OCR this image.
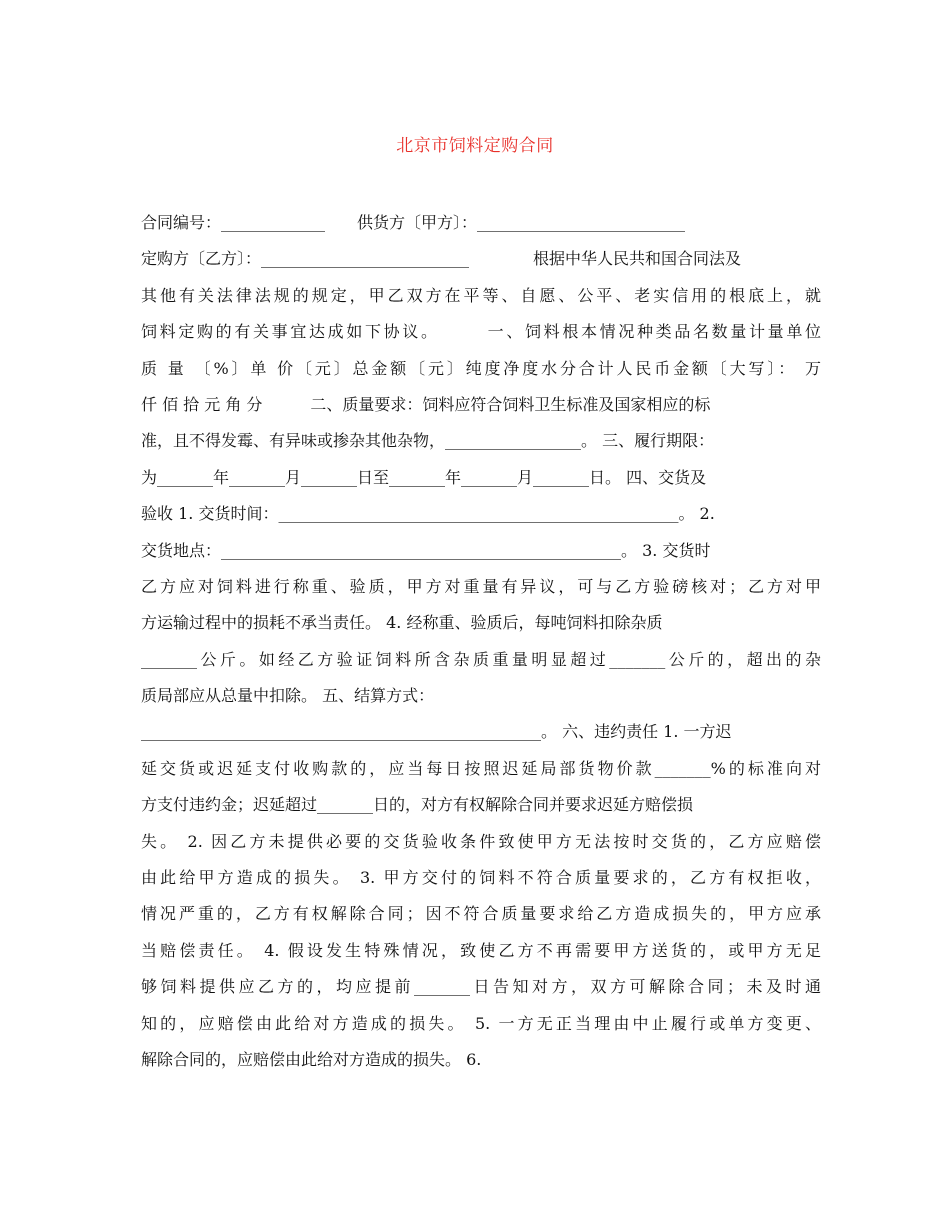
北京市饲料定购合同
合同编号：_____________　　供货方〔甲方〕：__________________________
定购方〔乙方〕：__________________________　　　　根据中华人民共和国合同法及
其他有关法律法规的规定，甲乙双方在平等、自愿、公平、老实信用的根底上，就
饲料定购的有关事宜达成如下协议。　　　一、饲料根本情况种类品名数量计量单位
质 量 〔%〕单 价〔元〕总金额〔元〕纯度净度水分合计人民币金额〔大写〕： 万
仟 佰 拾 元 角 分　　　二、质量要求：饲料应符合饲料卫生标准及国家相应的标
准，且不得发霉、有异味或掺杂其他杂物，_________________。 三、履行期限：
为_______年_______月_______日至_______年_______月_______日。 四、交货及
验收 1. 交货时间：__________________________________________________。 2.
交货地点：__________________________________________________。 3. 交货时
乙方应对饲料进行称重、验质，甲方对重量有异议，可与乙方验磅核对；乙方对甲
方运输过程中的损耗不承当责任。 4. 经称重、验质后，每吨饲料扣除杂质
_______公斤。如经乙方验证饲料所含杂质重量明显超过_______公斤的，超出的杂
质局部应从总量中扣除。 五、结算方式：
__________________________________________________。 六、违约责任 1. 一方迟
延交货或迟延支付收购款的，应当每日按照迟延局部货物价款_______%的标准向对
方支付违约金；迟延超过_______日的，对方有权解除合同并要求迟延方赔偿损
失。 2. 因乙方未提供必要的交货验收条件致使甲方无法按时交货的，乙方应赔偿
由此给甲方造成的损失。 3. 甲方交付的饲料不符合质量要求的，乙方有权拒收，
情况严重的，乙方有权解除合同；因不符合质量要求给乙方造成损失的，甲方应承
当赔偿责任。 4. 假设发生特殊情况，致使乙方不再需要甲方送货的，或甲方无足
够饲料提供应乙方的，均应提前_______日告知对方，双方可解除合同；未及时通
知的，应赔偿由此给对方造成的损失。 5. 一方无正当理由中止履行或单方变更、
解除合同的，应赔偿由此给对方造成的损失。 6.
